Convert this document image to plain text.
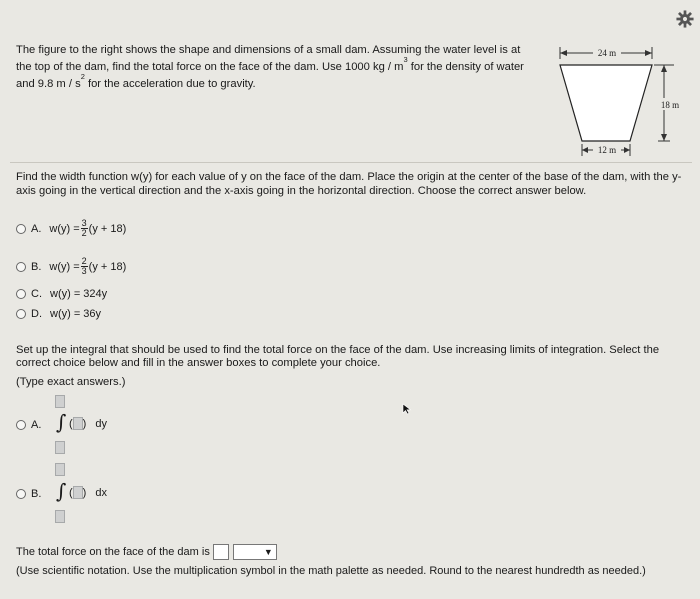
The figure to the right shows the shape and dimensions of a small dam. Assuming the water level is at
the top of the dam, find the total force on the face of the dam. Use 1000 kg / $m^3$ for the density of water
and 9.8 m / $s^2$ for the acceleration due to gravity.
24 m
18 m
12 m
Find the width function w(y) for each value of y on the face of the dam. Place the origin at the center of the base of the dam, with the y-axis going in the vertical direction and the x-axis going in the horizontal direction. Choose the correct answer below.
A. $w(y) = \frac{3}{2} (y + 18)$
B. $w(y) = \frac{2}{3} (y + 18)$
C. w(y) = 324y
D. w(y) = 36y
Set up the integral that should be used to find the total force on the face of the dam. Use increasing limits of integration. Select the correct choice below and fill in the answer boxes to complete your choice.
(Type exact answers.)
A. ∫ ( ) dy
B. ∫ ( ) dx
The total force on the face of the dam is	▼
(Use scientific notation. Use the multiplication symbol in the math palette as needed. Round to the nearest hundredth as needed.)
